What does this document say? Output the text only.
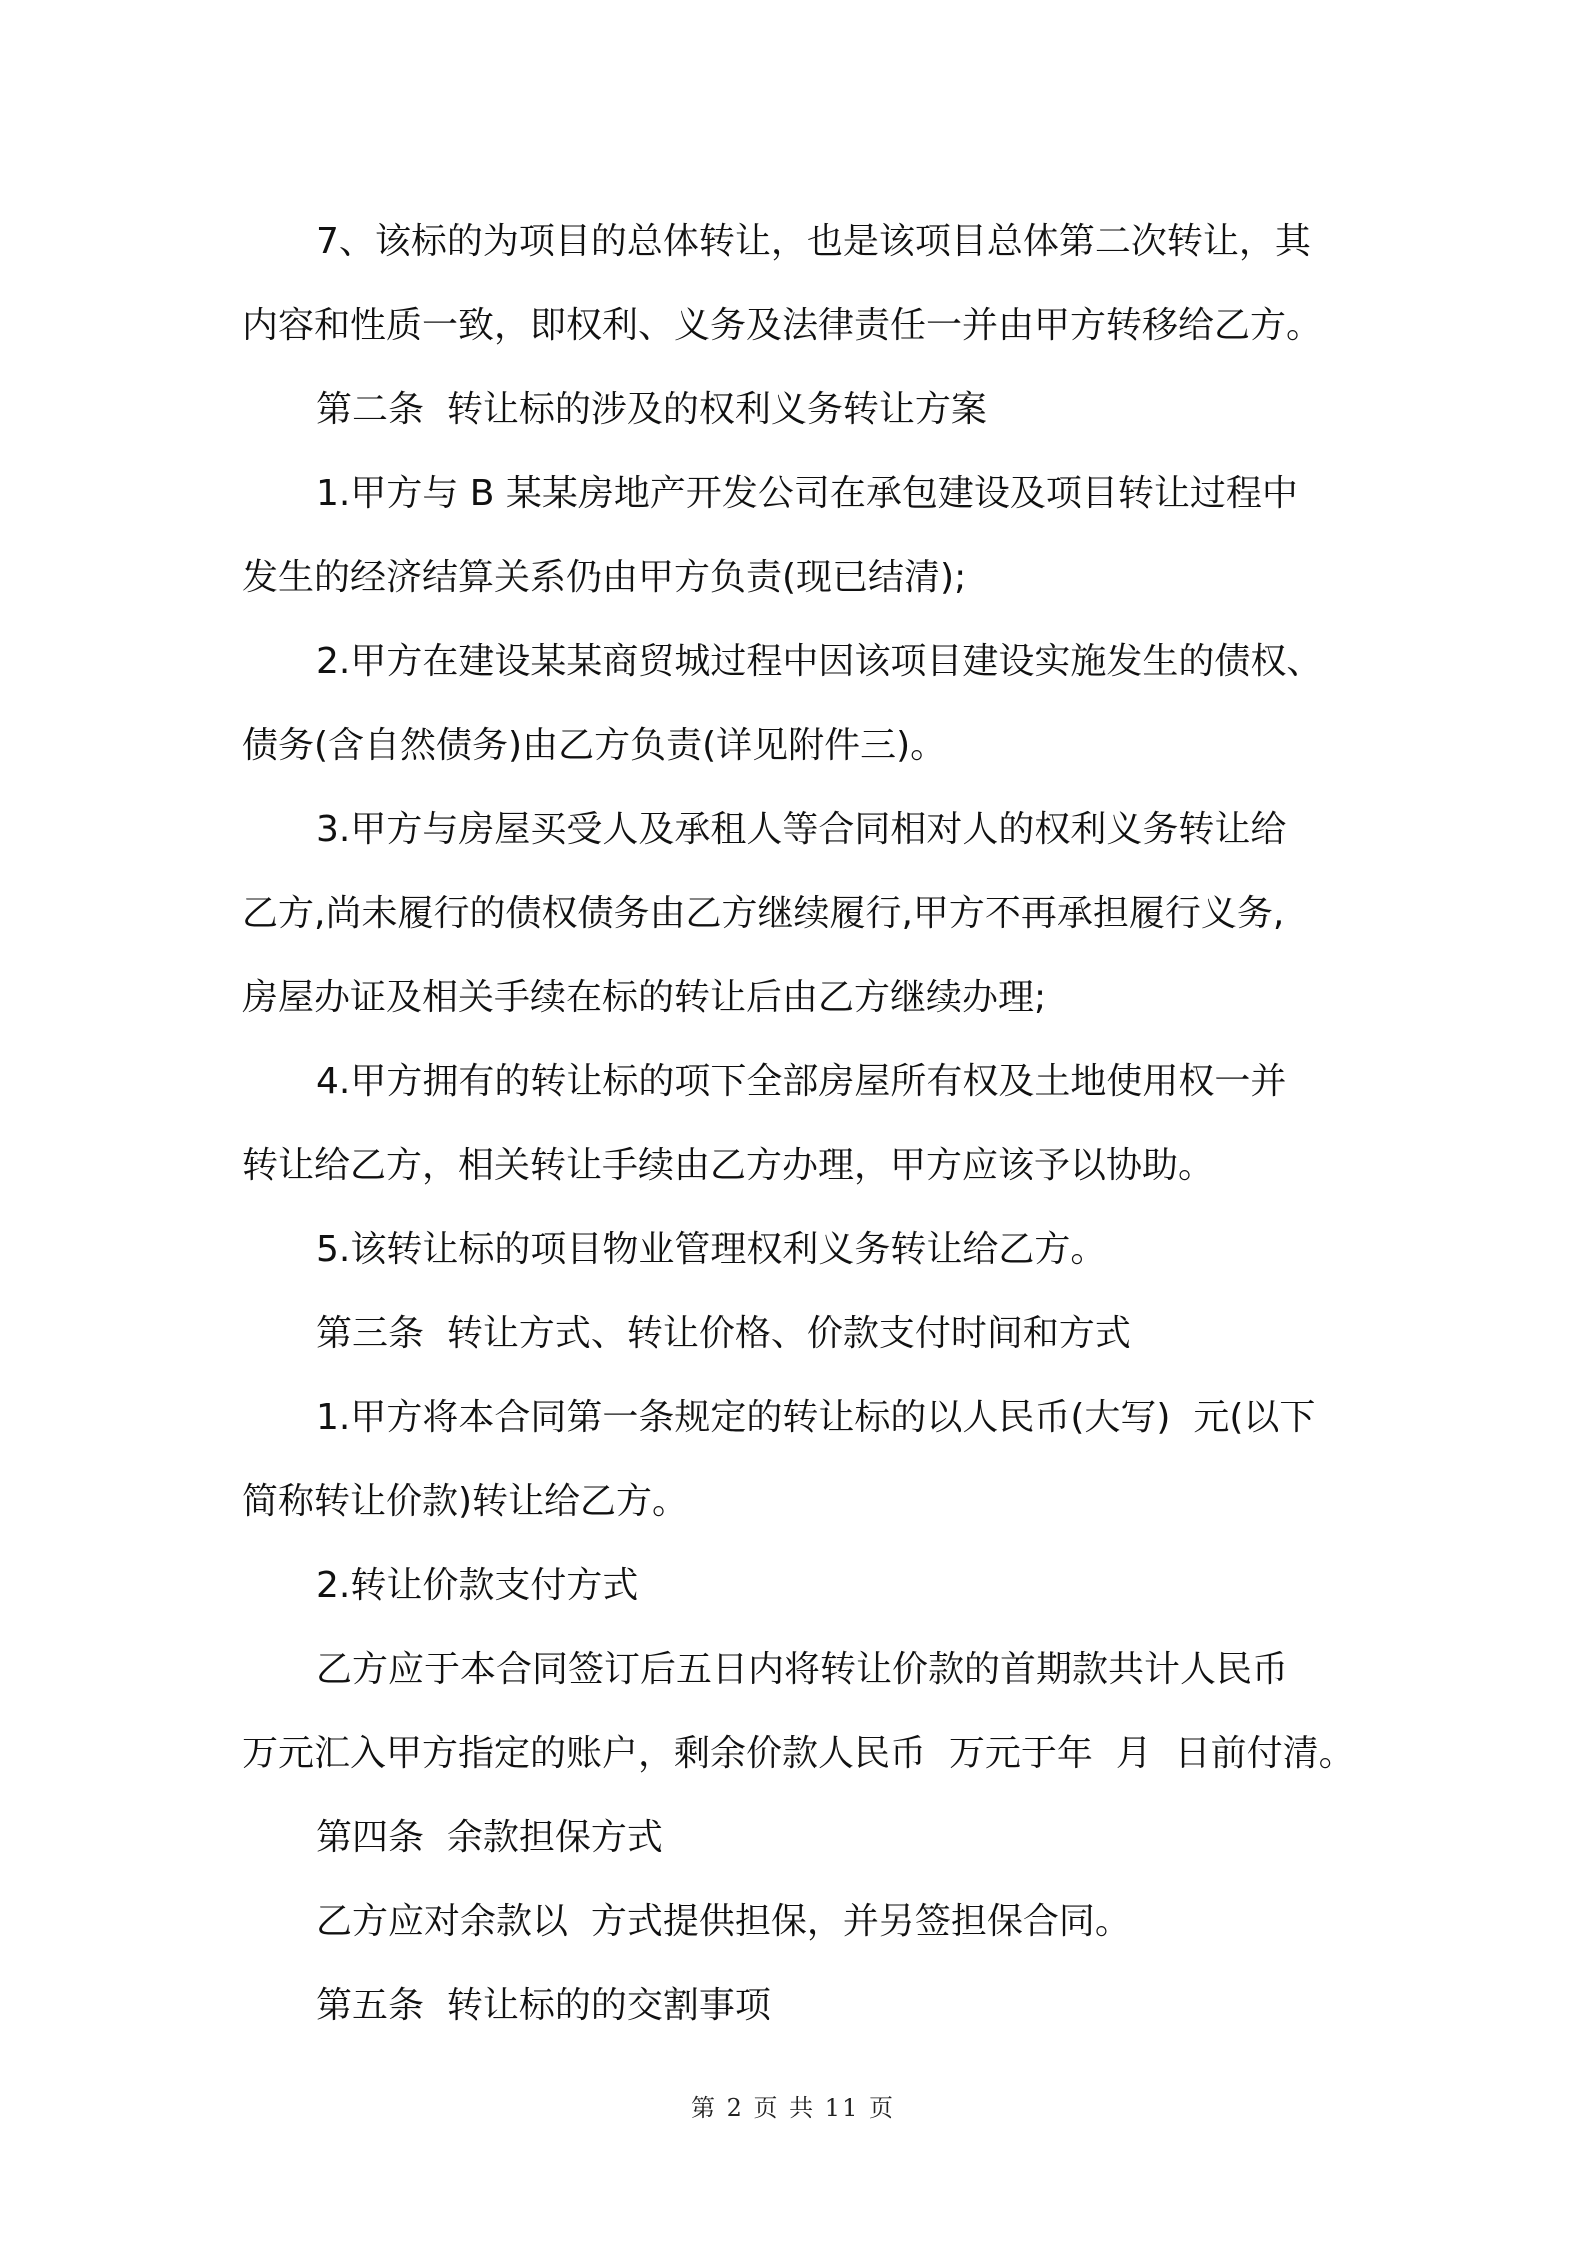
7、该标的为项目的总体转让，也是该项目总体第二次转让，其
内容和性质一致，即权利、义务及法律责任一并由甲方转移给乙方。
第二条  转让标的涉及的权利义务转让方案
1.甲方与 B 某某房地产开发公司在承包建设及项目转让过程中
发生的经济结算关系仍由甲方负责(现已结清);
2.甲方在建设某某商贸城过程中因该项目建设实施发生的债权、
债务(含自然债务)由乙方负责(详见附件三)。
3.甲方与房屋买受人及承租人等合同相对人的权利义务转让给
乙方,尚未履行的债权债务由乙方继续履行,甲方不再承担履行义务,
房屋办证及相关手续在标的转让后由乙方继续办理;
4.甲方拥有的转让标的项下全部房屋所有权及土地使用权一并
转让给乙方，相关转让手续由乙方办理，甲方应该予以协助。
5.该转让标的项目物业管理权利义务转让给乙方。
第三条  转让方式、转让价格、价款支付时间和方式
1.甲方将本合同第一条规定的转让标的以人民币(大写)  元(以下
简称转让价款)转让给乙方。
2.转让价款支付方式
乙方应于本合同签订后五日内将转让价款的首期款共计人民币
万元汇入甲方指定的账户，剩余价款人民币  万元于年  月  日前付清。
第四条  余款担保方式
乙方应对余款以  方式提供担保，并另签担保合同。
第五条  转让标的的交割事项
第 2 页 共 11 页
